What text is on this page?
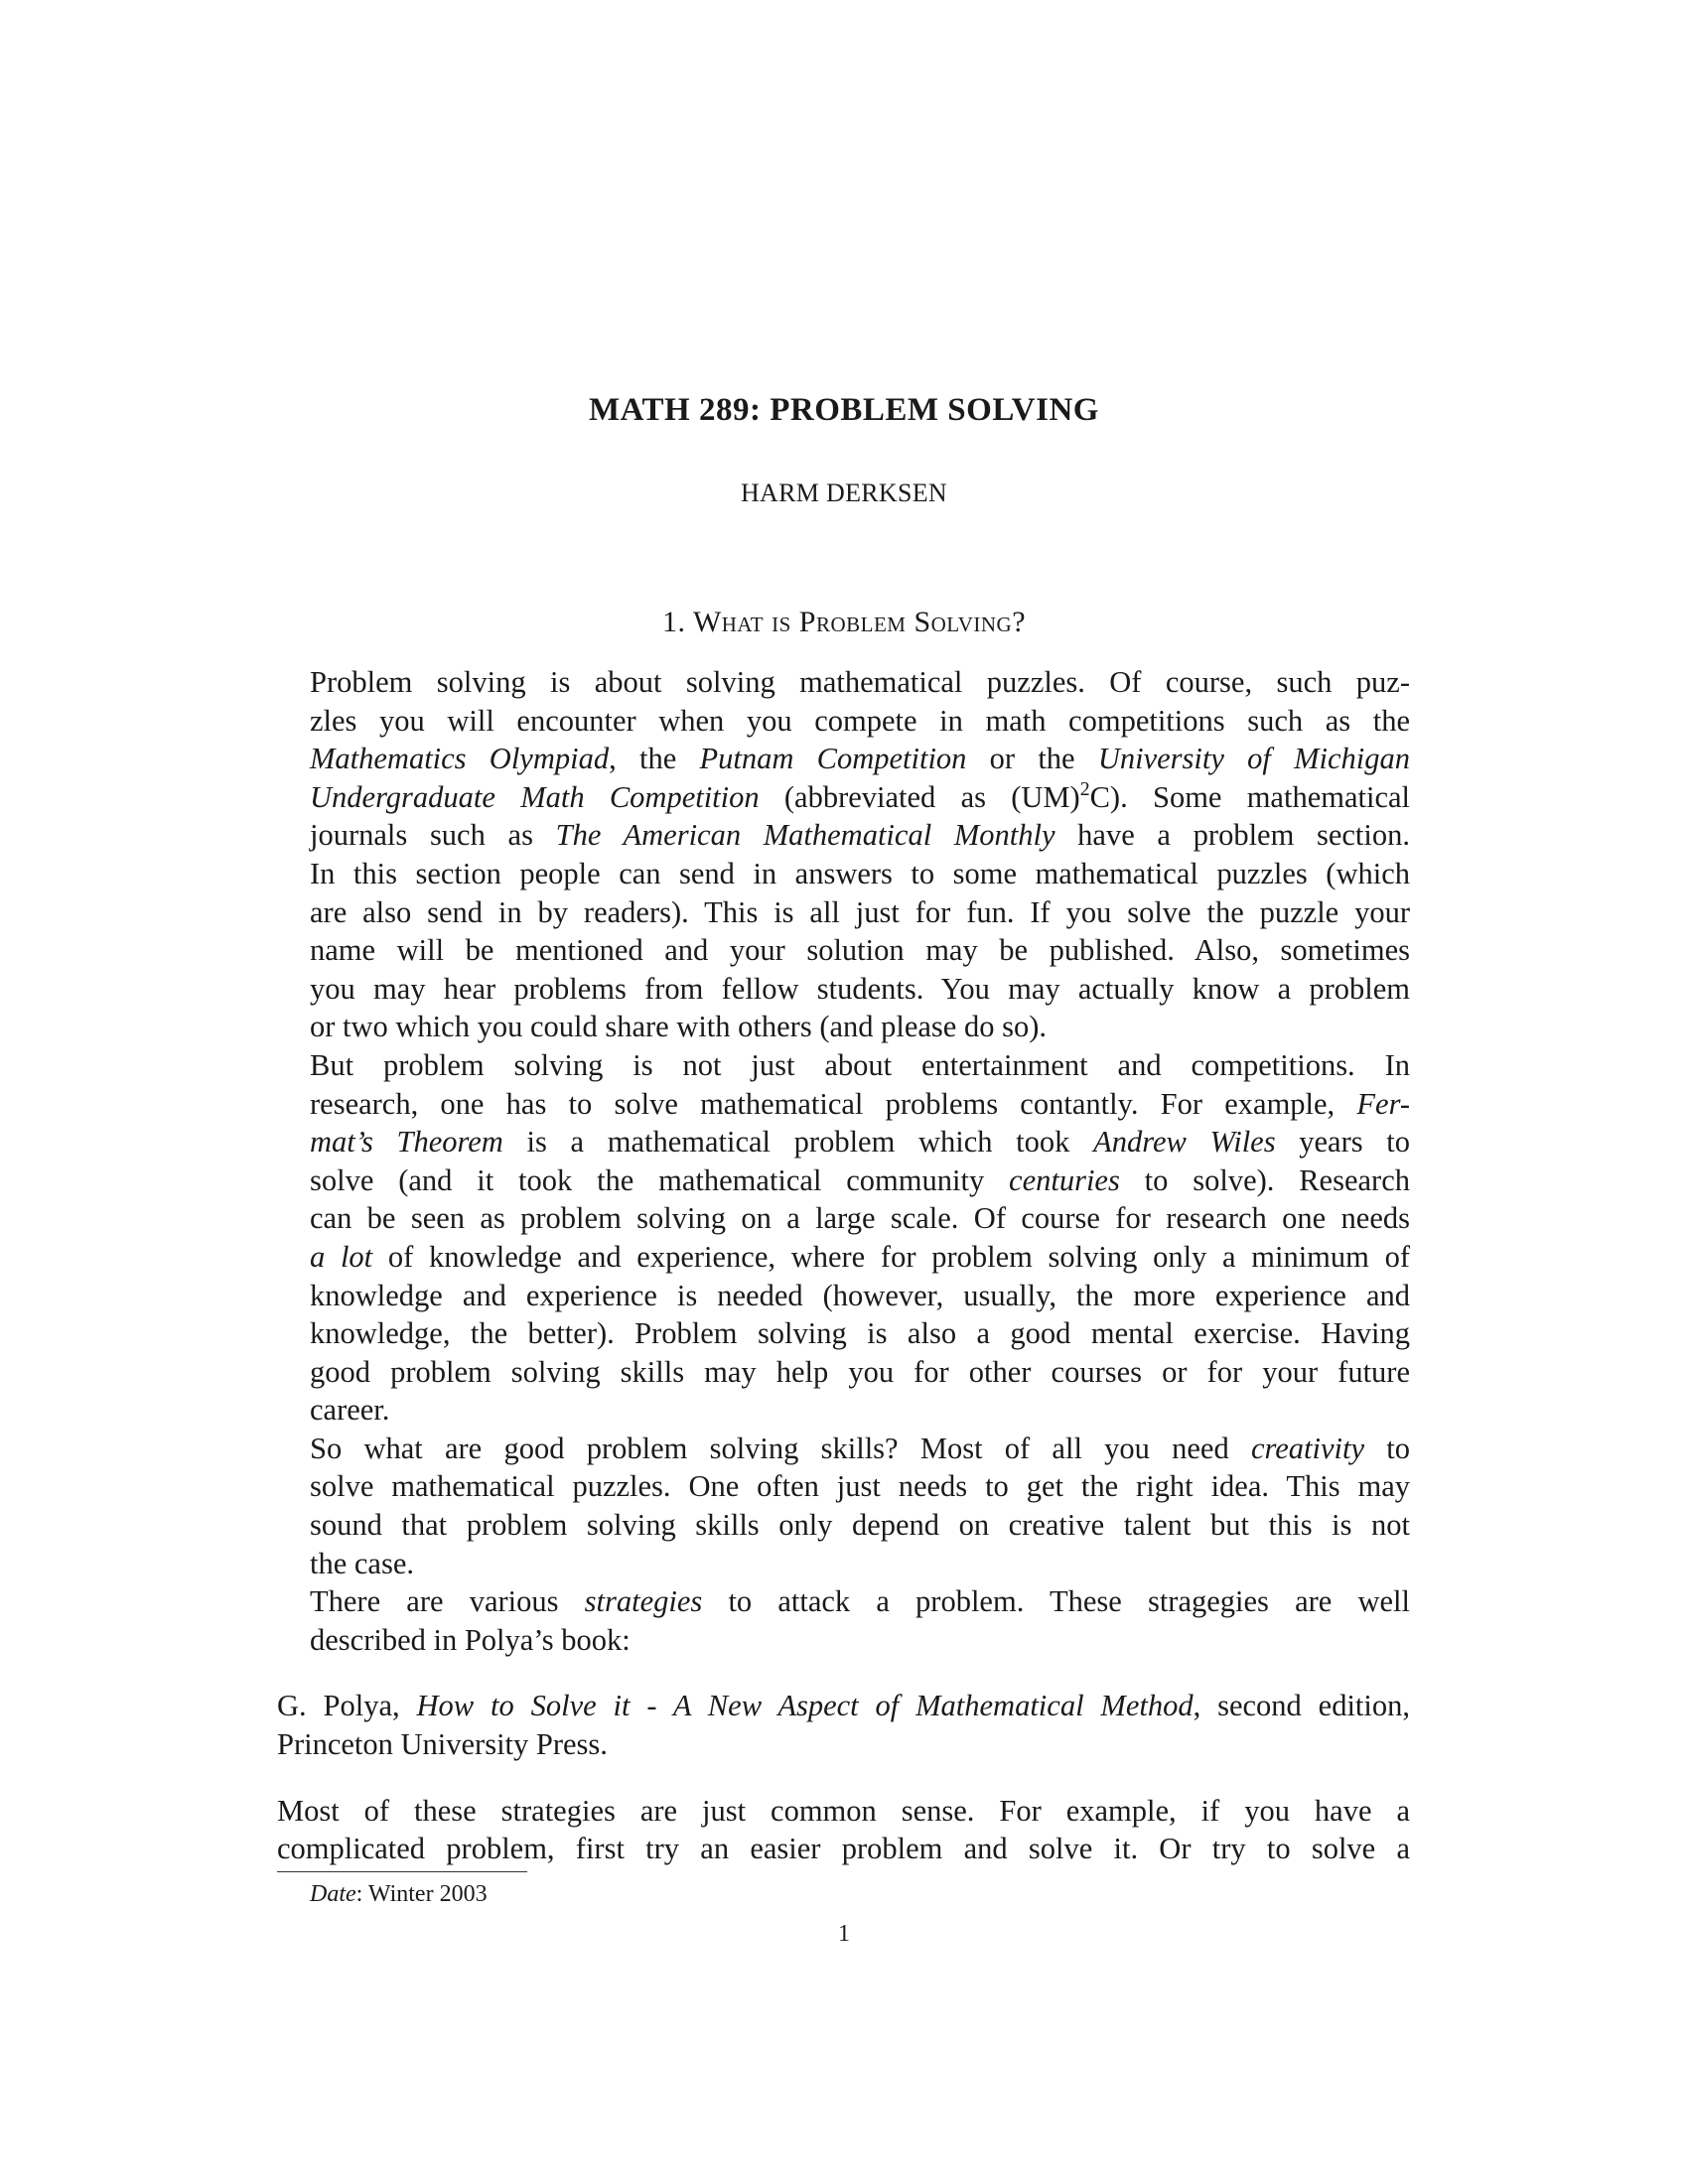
MATH 289: PROBLEM SOLVING
HARM DERKSEN
1. What is Problem Solving?

Problem solving is about solving mathematical puzzles. Of course, such puz-
zles you will encounter when you compete in math competitions such as the
Mathematics Olympiad, the Putnam Competition or the University of Michigan
Undergraduate Math Competition (abbreviated as (UM)$^2$C). Some mathematical
journals such as The American Mathematical Monthly have a problem section.
In this section people can send in answers to some mathematical puzzles (which
are also send in by readers). This is all just for fun. If you solve the puzzle your
name will be mentioned and your solution may be published. Also, sometimes
you may hear problems from fellow students. You may actually know a problem
or two which you could share with others (and please do so).

But problem solving is not just about entertainment and competitions. In
research, one has to solve mathematical problems contantly. For example, Fer-
mat’s Theorem is a mathematical problem which took Andrew Wiles years to
solve (and it took the mathematical community centuries to solve). Research
can be seen as problem solving on a large scale. Of course for research one needs
a lot of knowledge and experience, where for problem solving only a minimum of
knowledge and experience is needed (however, usually, the more experience and
knowledge, the better). Problem solving is also a good mental exercise. Having
good problem solving skills may help you for other courses or for your future
career.

So what are good problem solving skills? Most of all you need creativity to
solve mathematical puzzles. One often just needs to get the right idea. This may
sound that problem solving skills only depend on creative talent but this is not
the case.

There are various strategies to attack a problem. These stragegies are well
described in Polya’s book:

G. Polya, How to Solve it - A New Aspect of Mathematical Method, second edition,
Princeton University Press.

Most of these strategies are just common sense. For example, if you have a
complicated problem, first try an easier problem and solve it. Or try to solve a

Date: Winter 2003
1
